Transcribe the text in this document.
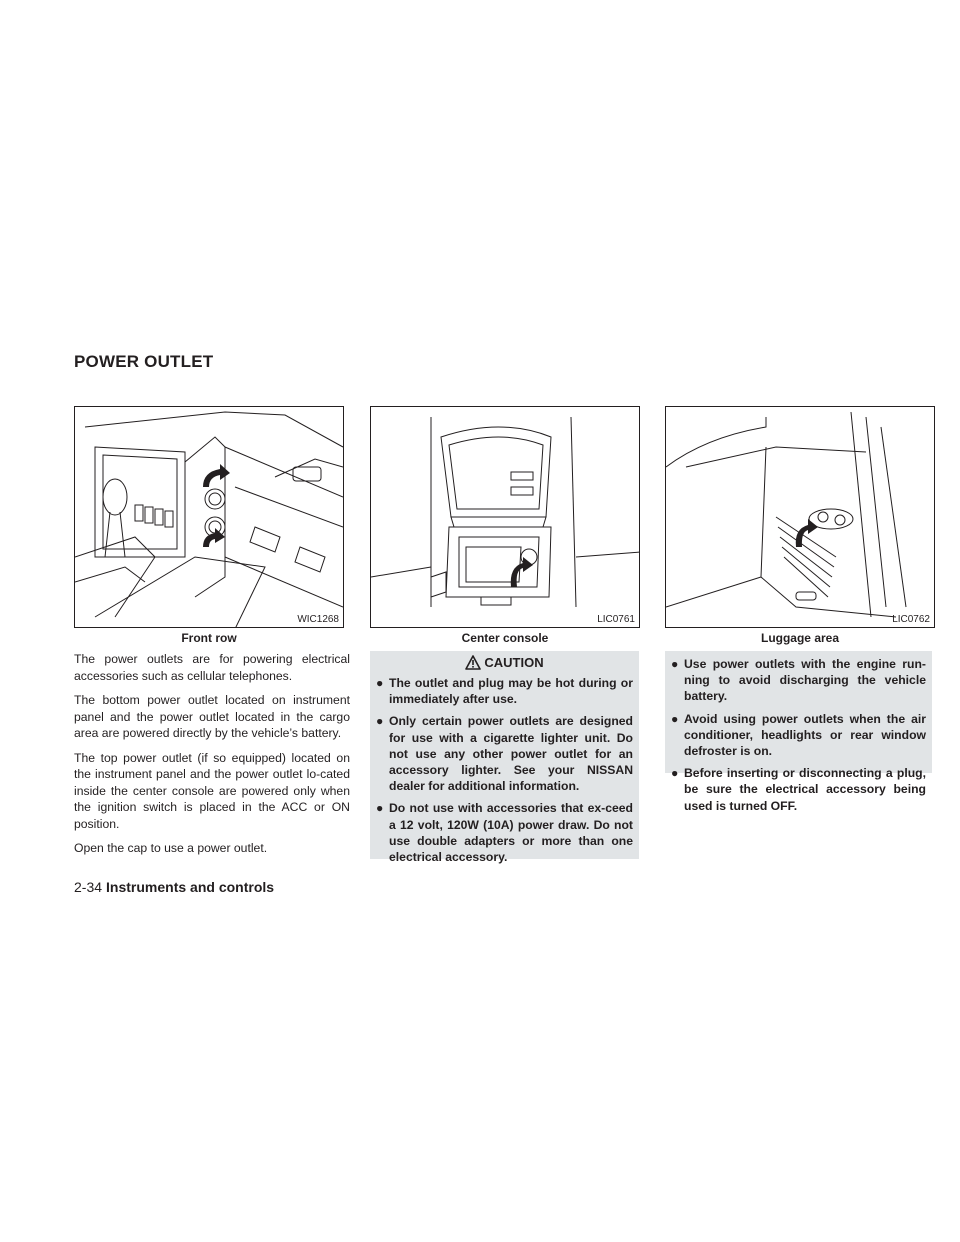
POWER OUTLET
WIC1268
Front row
LIC0761
Center console
LIC0762
Luggage area

The power outlets are for powering electrical accessories such as cellular telephones.

The bottom power outlet located on instrument panel and the power outlet located in the cargo area are powered directly by the vehicle’s battery.

The top power outlet (if so equipped) located on the instrument panel and the power outlet lo-cated inside the center console are powered only when the ignition switch is placed in the ACC or ON position.

Open the cap to use a power outlet.

CAUTION
● The outlet and plug may be hot during or immediately after use.
● Only certain power outlets are designed for use with a cigarette lighter unit. Do not use any other power outlet for an accessory lighter. See your NISSAN dealer for additional information.
● Do not use with accessories that ex-ceed a 12 volt, 120W (10A) power draw. Do not use double adapters or more than one electrical accessory.
● Use power outlets with the engine run-ning to avoid discharging the vehicle battery.
● Avoid using power outlets when the air conditioner, headlights or rear window defroster is on.
● Before inserting or disconnecting a plug, be sure the electrical accessory being used is turned OFF.
2-34 Instruments and controls
